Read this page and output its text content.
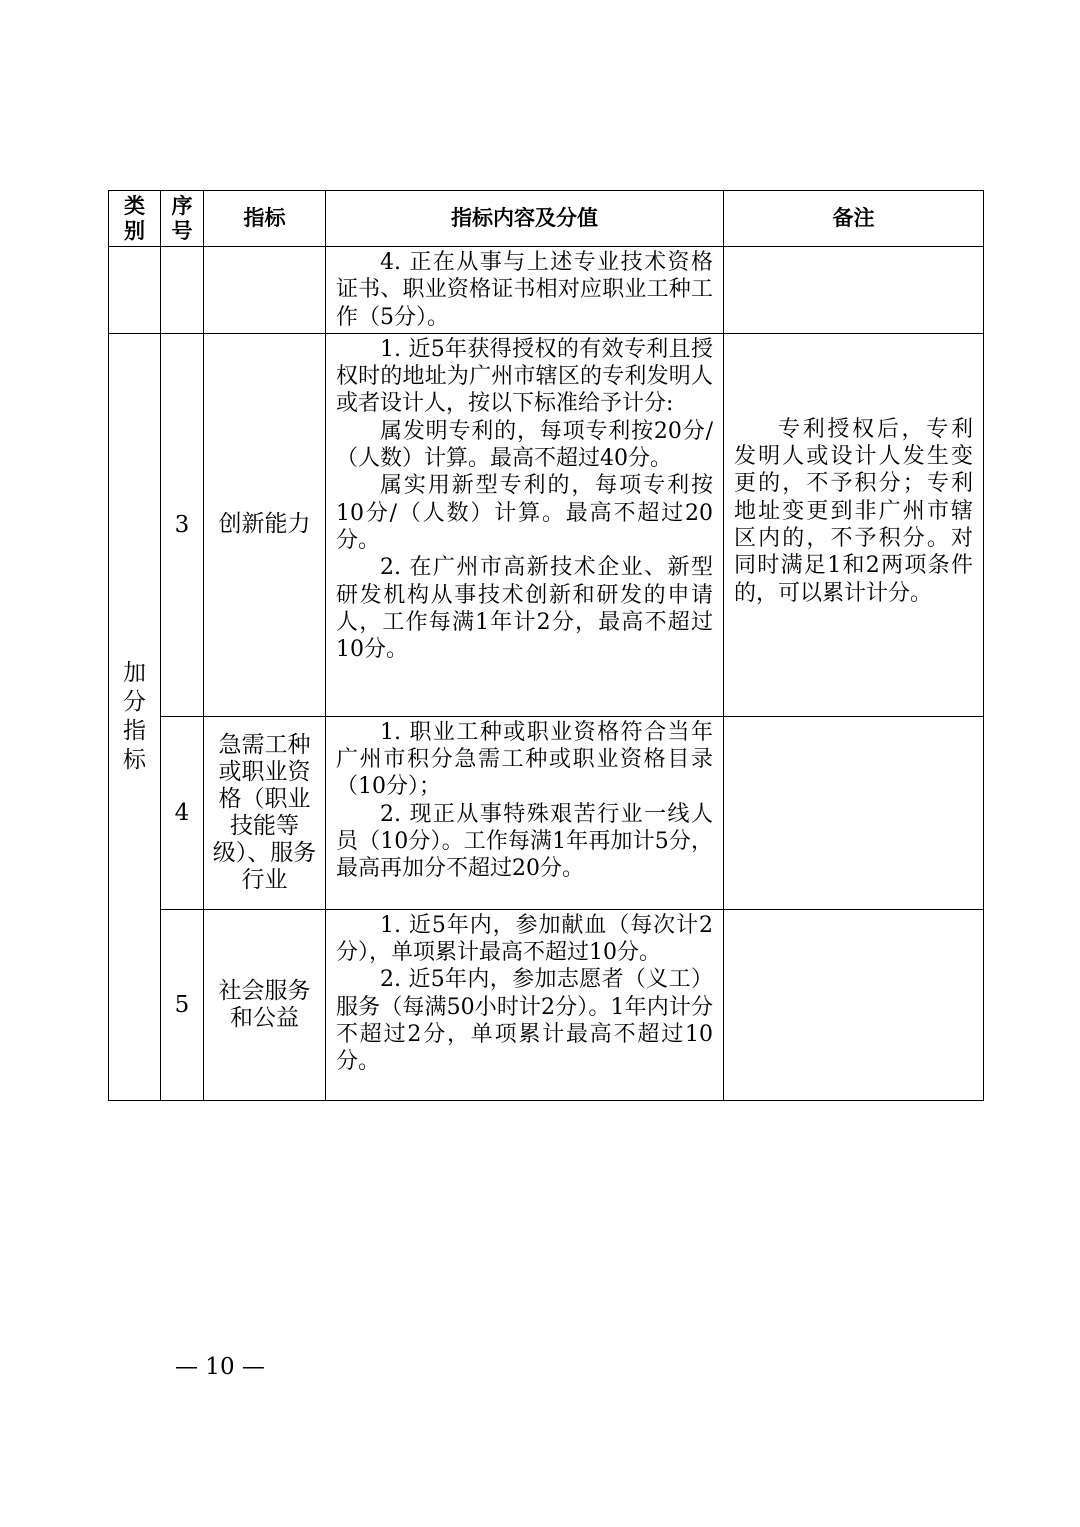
类别	序号	指标	指标内容及分值	备注

			4. 正在从事与上述专业技术资格证书、职业资格证书相对应职业工种工作（5分）。	

加分指标	3	创新能力	1. 近5年获得授权的有效专利且授权时的地址为广州市辖区的专利发明人或者设计人，按以下标准给予计分:

属发明专利的，每项专利按20分/（人数）计算。最高不超过40分。

属实用新型专利的，每项专利按10分/（人数）计算。最高不超过20分。

2. 在广州市高新技术企业、新型研发机构从事技术创新和研发的申请人，工作每满1年计2分，最高不超过10分。	专利授权后，专利发明人或设计人发生变更的，不予积分；专利地址变更到非广州市辖区内的，不予积分。对同时满足1和2两项条件的，可以累计计分。

	4	急需工种或职业资格（职业技能等级）、服务行业	1. 职业工种或职业资格符合当年广州市积分急需工种或职业资格目录（10分）；

2. 现正从事特殊艰苦行业一线人员（10分）。工作每满1年再加计5分，最高再加分不超过20分。	

	5	社会服务和公益	1. 近5年内，参加献血（每次计2分），单项累计最高不超过10分。

2. 近5年内，参加志愿者（义工）服务（每满50小时计2分）。1年内计分不超过2分，单项累计最高不超过10分。	

— 10 —
